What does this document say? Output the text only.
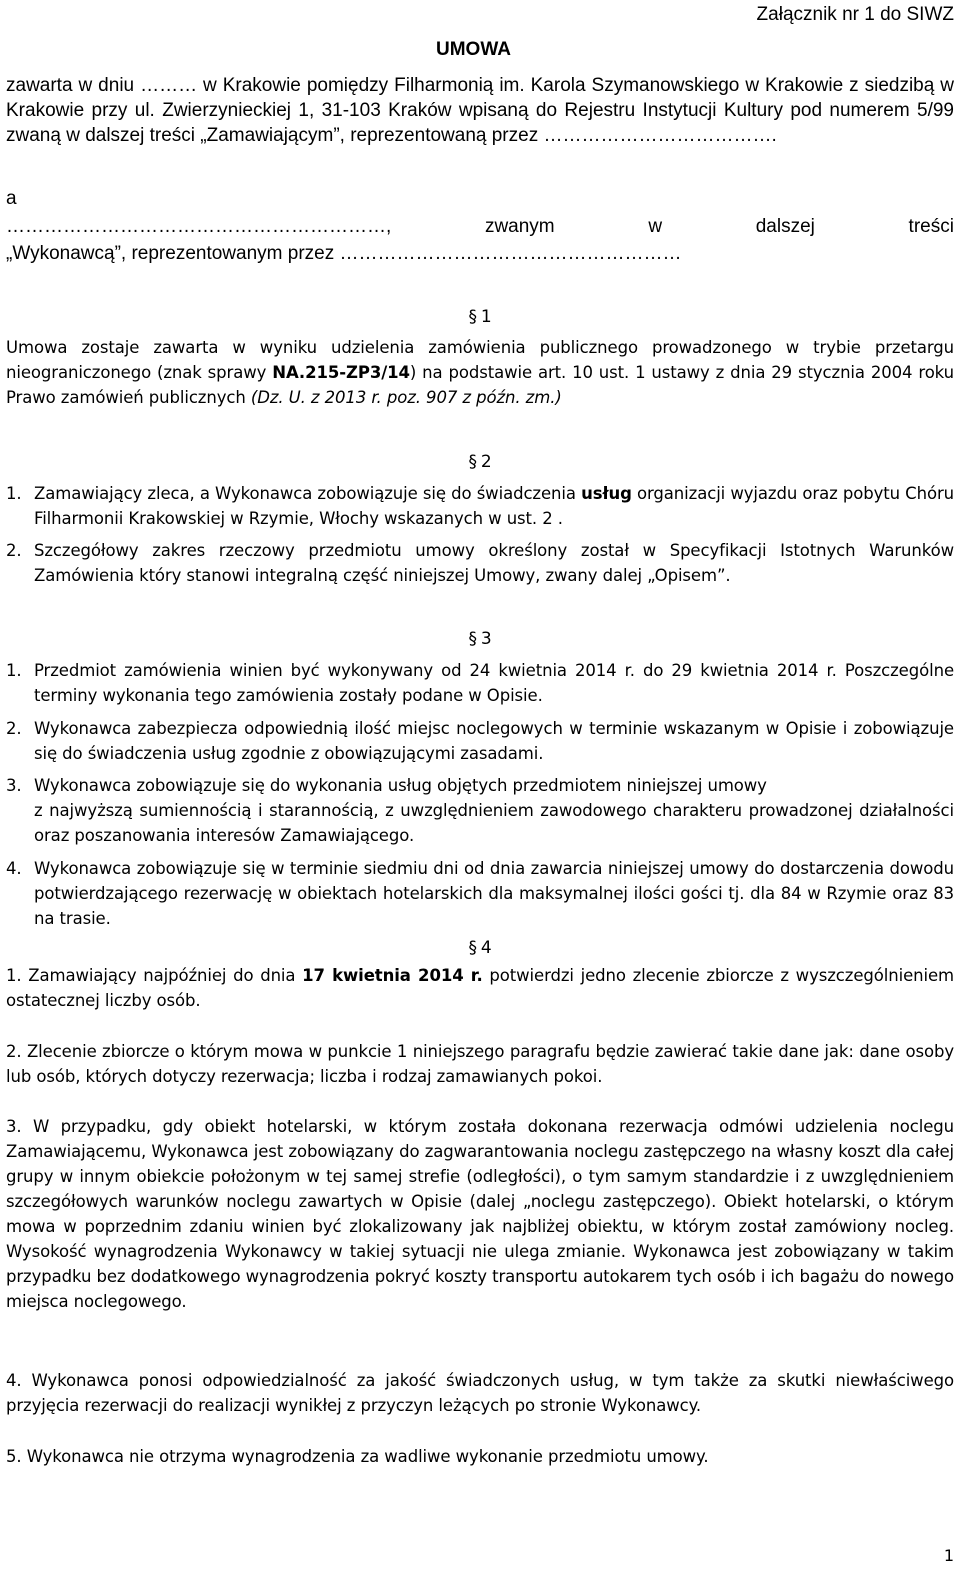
Załącznik nr 1 do SIWZ
UMOWA
zawarta w dniu ……… w Krakowie pomiędzy Filharmonią im. Karola Szymanowskiego w Krakowie z siedzibą w Krakowie przy ul. Zwierzynieckiej 1, 31-103 Kraków wpisaną do Rejestru Instytucji Kultury pod numerem 5/99 zwaną w dalszej treści „Zamawiającym”, reprezentowaną przez ……………………………….
a
……………………………………………………,	zwanym	w	dalszej	treści
„Wykonawcą”, reprezentowanym przez ………………………………………………
§ 1
Umowa zostaje zawarta w wyniku udzielenia zamówienia publicznego prowadzonego w trybie przetargu nieograniczonego (znak sprawy NA.215-ZP3/14) na podstawie art. 10 ust. 1 ustawy z dnia 29 stycznia 2004 roku Prawo zamówień publicznych (Dz. U. z 2013 r. poz. 907 z późn. zm.)
§ 2
1. Zamawiający zleca, a Wykonawca zobowiązuje się do świadczenia usług organizacji wyjazdu oraz pobytu Chóru Filharmonii Krakowskiej w Rzymie, Włochy wskazanych w ust. 2 .
2. Szczegółowy zakres rzeczowy przedmiotu umowy określony został w Specyfikacji Istotnych Warunków Zamówienia który stanowi integralną część niniejszej Umowy, zwany dalej „Opisem”.
§ 3
1. Przedmiot zamówienia winien być wykonywany od 24 kwietnia 2014 r. do 29 kwietnia 2014 r. Poszczególne terminy wykonania tego zamówienia zostały podane w Opisie.
2. Wykonawca zabezpiecza odpowiednią ilość miejsc noclegowych w terminie wskazanym w Opisie i zobowiązuje się do świadczenia usług zgodnie z obowiązującymi zasadami.
3. Wykonawca zobowiązuje się do wykonania usług objętych przedmiotem niniejszej umowy
z najwyższą sumiennością i starannością, z uwzględnieniem zawodowego charakteru prowadzonej działalności oraz poszanowania interesów Zamawiającego.
4. Wykonawca zobowiązuje się w terminie siedmiu dni od dnia zawarcia niniejszej umowy do dostarczenia dowodu potwierdzającego rezerwację w obiektach hotelarskich dla maksymalnej ilości gości tj. dla 84 w Rzymie oraz 83 na trasie.
§ 4
1. Zamawiający najpóźniej do dnia 17 kwietnia 2014 r. potwierdzi jedno zlecenie zbiorcze z wyszczególnieniem ostatecznej liczby osób.
2. Zlecenie zbiorcze o którym mowa w punkcie 1 niniejszego paragrafu będzie zawierać takie dane jak: dane osoby lub osób, których dotyczy rezerwacja; liczba i rodzaj zamawianych pokoi.
3. W przypadku, gdy obiekt hotelarski, w którym została dokonana rezerwacja odmówi udzielenia noclegu Zamawiającemu, Wykonawca jest zobowiązany do zagwarantowania noclegu zastępczego na własny koszt dla całej grupy w innym obiekcie położonym w tej samej strefie (odległości), o tym samym standardzie i z uwzględnieniem szczegółowych warunków noclegu zawartych w Opisie (dalej „noclegu zastępczego). Obiekt hotelarski, o którym mowa w poprzednim zdaniu winien być zlokalizowany jak najbliżej obiektu, w którym został zamówiony nocleg. Wysokość wynagrodzenia Wykonawcy w takiej sytuacji nie ulega zmianie. Wykonawca jest zobowiązany w takim przypadku bez dodatkowego wynagrodzenia pokryć koszty transportu autokarem tych osób i ich bagażu do nowego miejsca noclegowego.
4. Wykonawca ponosi odpowiedzialność za jakość świadczonych usług, w tym także za skutki niewłaściwego przyjęcia rezerwacji do realizacji wynikłej z przyczyn leżących po stronie Wykonawcy.
5. Wykonawca nie otrzyma wynagrodzenia za wadliwe wykonanie przedmiotu umowy.
1
